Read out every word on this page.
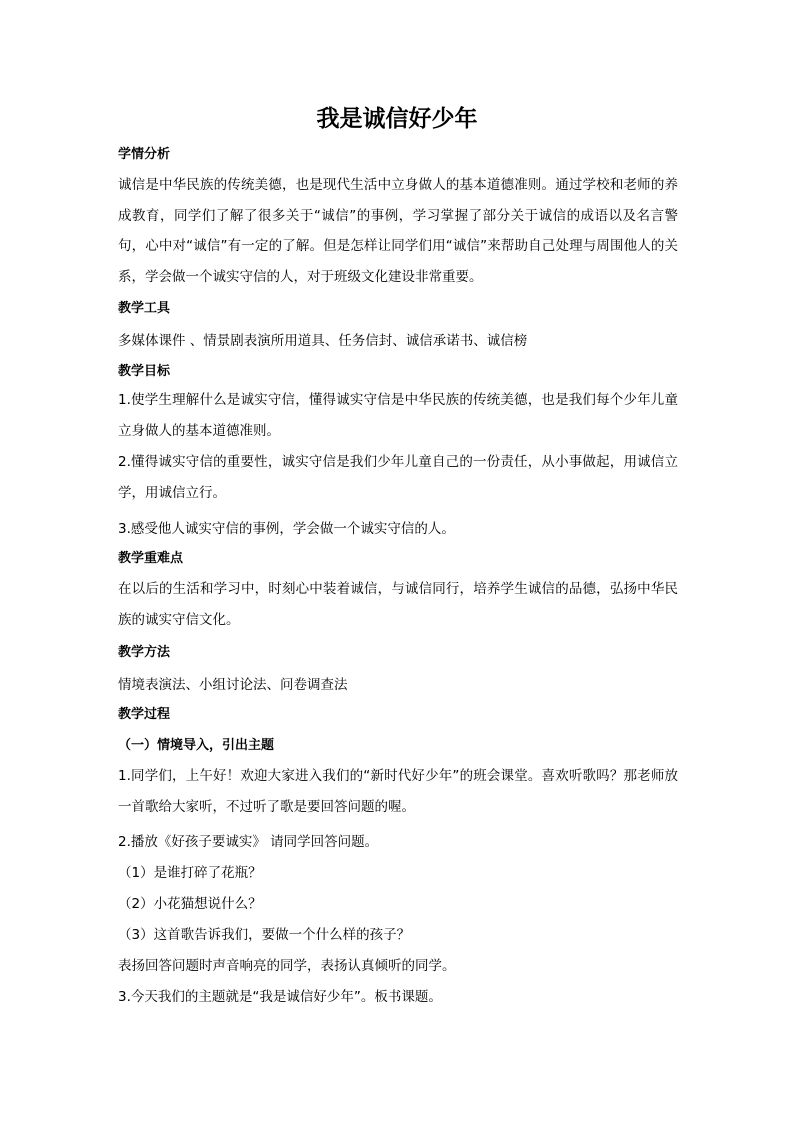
我是诚信好少年
学情分析
诚信是中华民族的传统美德，也是现代生活中立身做人的基本道德准则。通过学校和老师的养成教育，同学们了解了很多关于“诚信”的事例，学习掌握了部分关于诚信的成语以及名言警句，心中对“诚信”有一定的了解。但是怎样让同学们用“诚信”来帮助自己处理与周围他人的关系，学会做一个诚实守信的人，对于班级文化建设非常重要。
教学工具
多媒体课件 、情景剧表演所用道具、任务信封、诚信承诺书、诚信榜
教学目标
1.使学生理解什么是诚实守信，懂得诚实守信是中华民族的传统美德，也是我们每个少年儿童立身做人的基本道德准则。
2.懂得诚实守信的重要性，诚实守信是我们少年儿童自己的一份责任，从小事做起，用诚信立学，用诚信立行。
3.感受他人诚实守信的事例，学会做一个诚实守信的人。
教学重难点
在以后的生活和学习中，时刻心中装着诚信，与诚信同行，培养学生诚信的品德，弘扬中华民族的诚实守信文化。
教学方法
情境表演法、小组讨论法、问卷调查法
教学过程
（一）情境导入，引出主题
1.同学们，上午好！欢迎大家进入我们的“新时代好少年”的班会课堂。喜欢听歌吗？那老师放一首歌给大家听，不过听了歌是要回答问题的喔。
2.播放《好孩子要诚实》 请同学回答问题。
（1）是谁打碎了花瓶？
（2）小花猫想说什么？
（3）这首歌告诉我们，要做一个什么样的孩子？
表扬回答问题时声音响亮的同学，表扬认真倾听的同学。
3.今天我们的主题就是“我是诚信好少年”。板书课题。
